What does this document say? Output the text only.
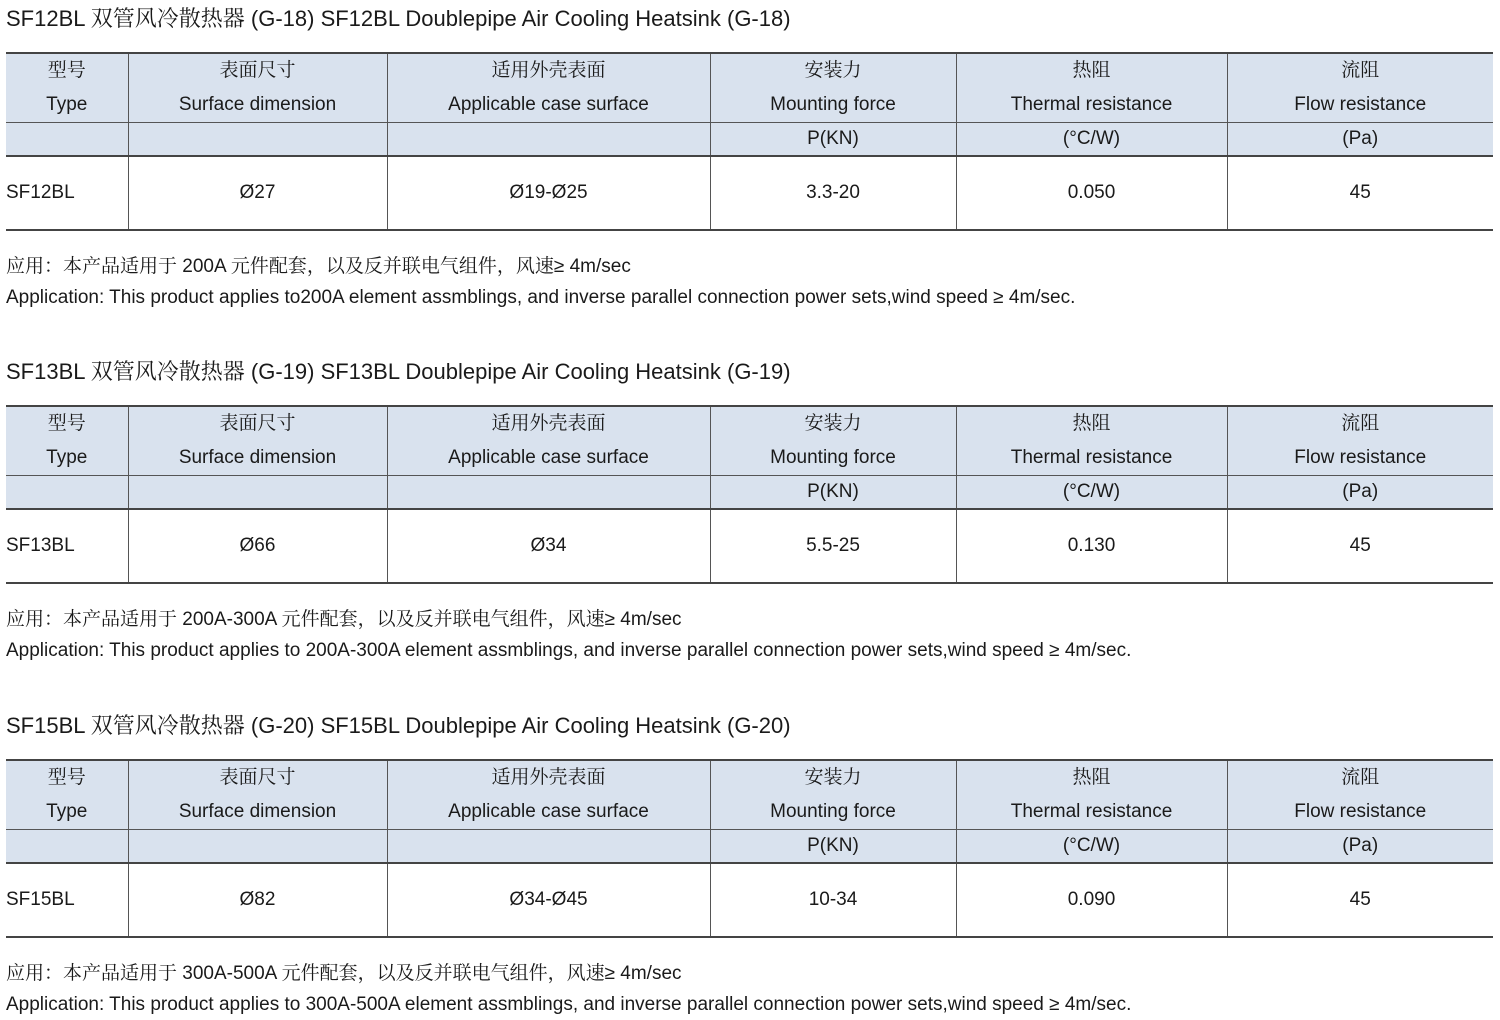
SF12BL 双管风冷散热器 (G-18) SF12BL Doublepipe Air Cooling Heatsink (G-18)
型号
Type	表面尺寸
Surface dimension	适用外壳表面
Applicable case surface	安装力
Mounting force	热阻
Thermal resistance	流阻
Flow resistance

			P(KN)	(°C/W)	(Pa)
SF12BL	Ø27	Ø19-Ø25	3.3-20	0.050	45
应用：本产品适用于 200A 元件配套，以及反并联电气组件，风速≥ 4m/sec
Application: This product applies to200A element assmblings, and inverse parallel connection power sets,wind speed ≥ 4m/sec.
SF13BL 双管风冷散热器 (G-19) SF13BL Doublepipe Air Cooling Heatsink (G-19)
型号
Type	表面尺寸
Surface dimension	适用外壳表面
Applicable case surface	安装力
Mounting force	热阻
Thermal resistance	流阻
Flow resistance

			P(KN)	(°C/W)	(Pa)
SF13BL	Ø66	Ø34	5.5-25	0.130	45
应用：本产品适用于 200A-300A 元件配套，以及反并联电气组件，风速≥ 4m/sec
Application: This product applies to 200A-300A element assmblings, and inverse parallel connection power sets,wind speed ≥ 4m/sec.
SF15BL 双管风冷散热器 (G-20) SF15BL Doublepipe Air Cooling Heatsink (G-20)
型号
Type	表面尺寸
Surface dimension	适用外壳表面
Applicable case surface	安装力
Mounting force	热阻
Thermal resistance	流阻
Flow resistance

			P(KN)	(°C/W)	(Pa)
SF15BL	Ø82	Ø34-Ø45	10-34	0.090	45
应用：本产品适用于 300A-500A 元件配套，以及反并联电气组件，风速≥ 4m/sec
Application: This product applies to 300A-500A element assmblings, and inverse parallel connection power sets,wind speed ≥ 4m/sec.
